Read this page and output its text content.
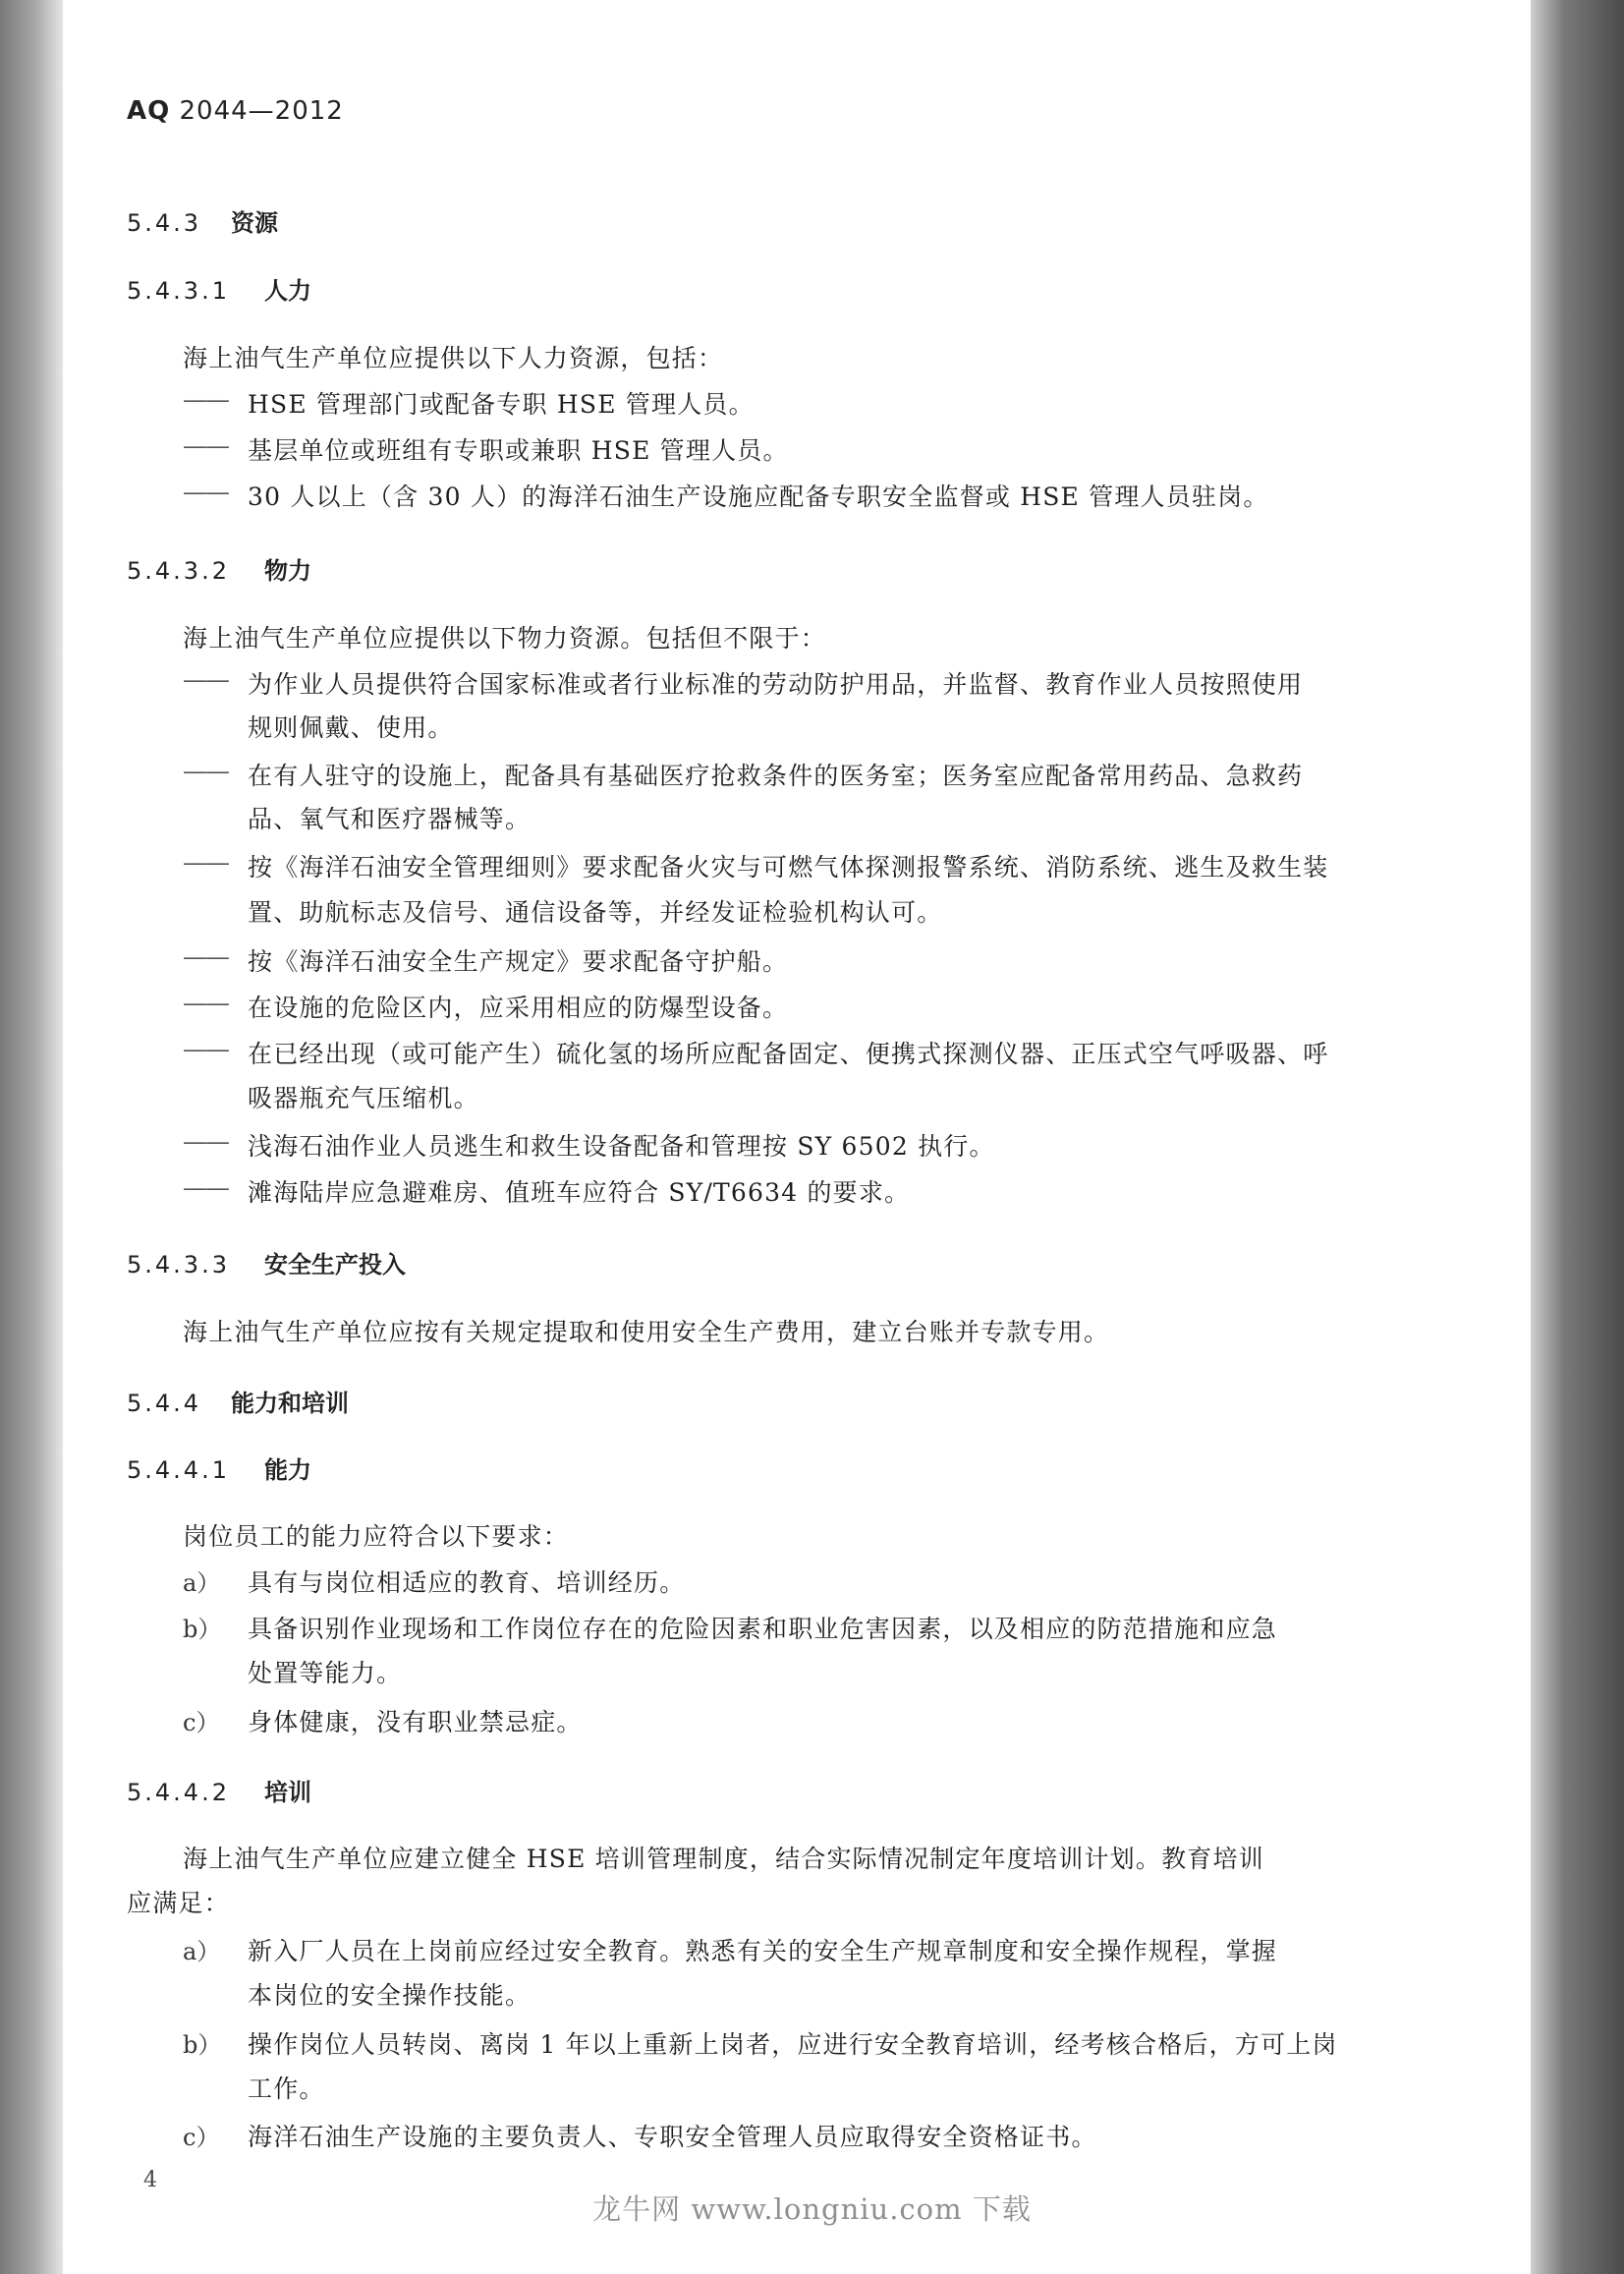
AQ 2044—2012
5.4.3 资源
5.4.3.1 人力
海上油气生产单位应提供以下人力资源，包括：
—— HSE 管理部门或配备专职 HSE 管理人员。
—— 基层单位或班组有专职或兼职 HSE 管理人员。
—— 30 人以上（含 30 人）的海洋石油生产设施应配备专职安全监督或 HSE 管理人员驻岗。
5.4.3.2 物力
海上油气生产单位应提供以下物力资源。包括但不限于：
—— 为作业人员提供符合国家标准或者行业标准的劳动防护用品，并监督、教育作业人员按照使用
规则佩戴、使用。
—— 在有人驻守的设施上，配备具有基础医疗抢救条件的医务室；医务室应配备常用药品、急救药
品、氧气和医疗器械等。
—— 按《海洋石油安全管理细则》要求配备火灾与可燃气体探测报警系统、消防系统、逃生及救生装
置、助航标志及信号、通信设备等，并经发证检验机构认可。
—— 按《海洋石油安全生产规定》要求配备守护船。
—— 在设施的危险区内，应采用相应的防爆型设备。
—— 在已经出现（或可能产生）硫化氢的场所应配备固定、便携式探测仪器、正压式空气呼吸器、呼
吸器瓶充气压缩机。
—— 浅海石油作业人员逃生和救生设备配备和管理按 SY 6502 执行。
—— 滩海陆岸应急避难房、值班车应符合 SY/T6634 的要求。
5.4.3.3 安全生产投入
海上油气生产单位应按有关规定提取和使用安全生产费用，建立台账并专款专用。
5.4.4 能力和培训
5.4.4.1 能力
岗位员工的能力应符合以下要求：
a） 具有与岗位相适应的教育、培训经历。
b） 具备识别作业现场和工作岗位存在的危险因素和职业危害因素，以及相应的防范措施和应急
处置等能力。
c） 身体健康，没有职业禁忌症。
5.4.4.2 培训
海上油气生产单位应建立健全 HSE 培训管理制度，结合实际情况制定年度培训计划。教育培训
应满足：
a） 新入厂人员在上岗前应经过安全教育。熟悉有关的安全生产规章制度和安全操作规程，掌握
本岗位的安全操作技能。
b） 操作岗位人员转岗、离岗 1 年以上重新上岗者，应进行安全教育培训，经考核合格后，方可上岗
工作。
c） 海洋石油生产设施的主要负责人、专职安全管理人员应取得安全资格证书。
4
龙牛网 www.longniu.com 下载
